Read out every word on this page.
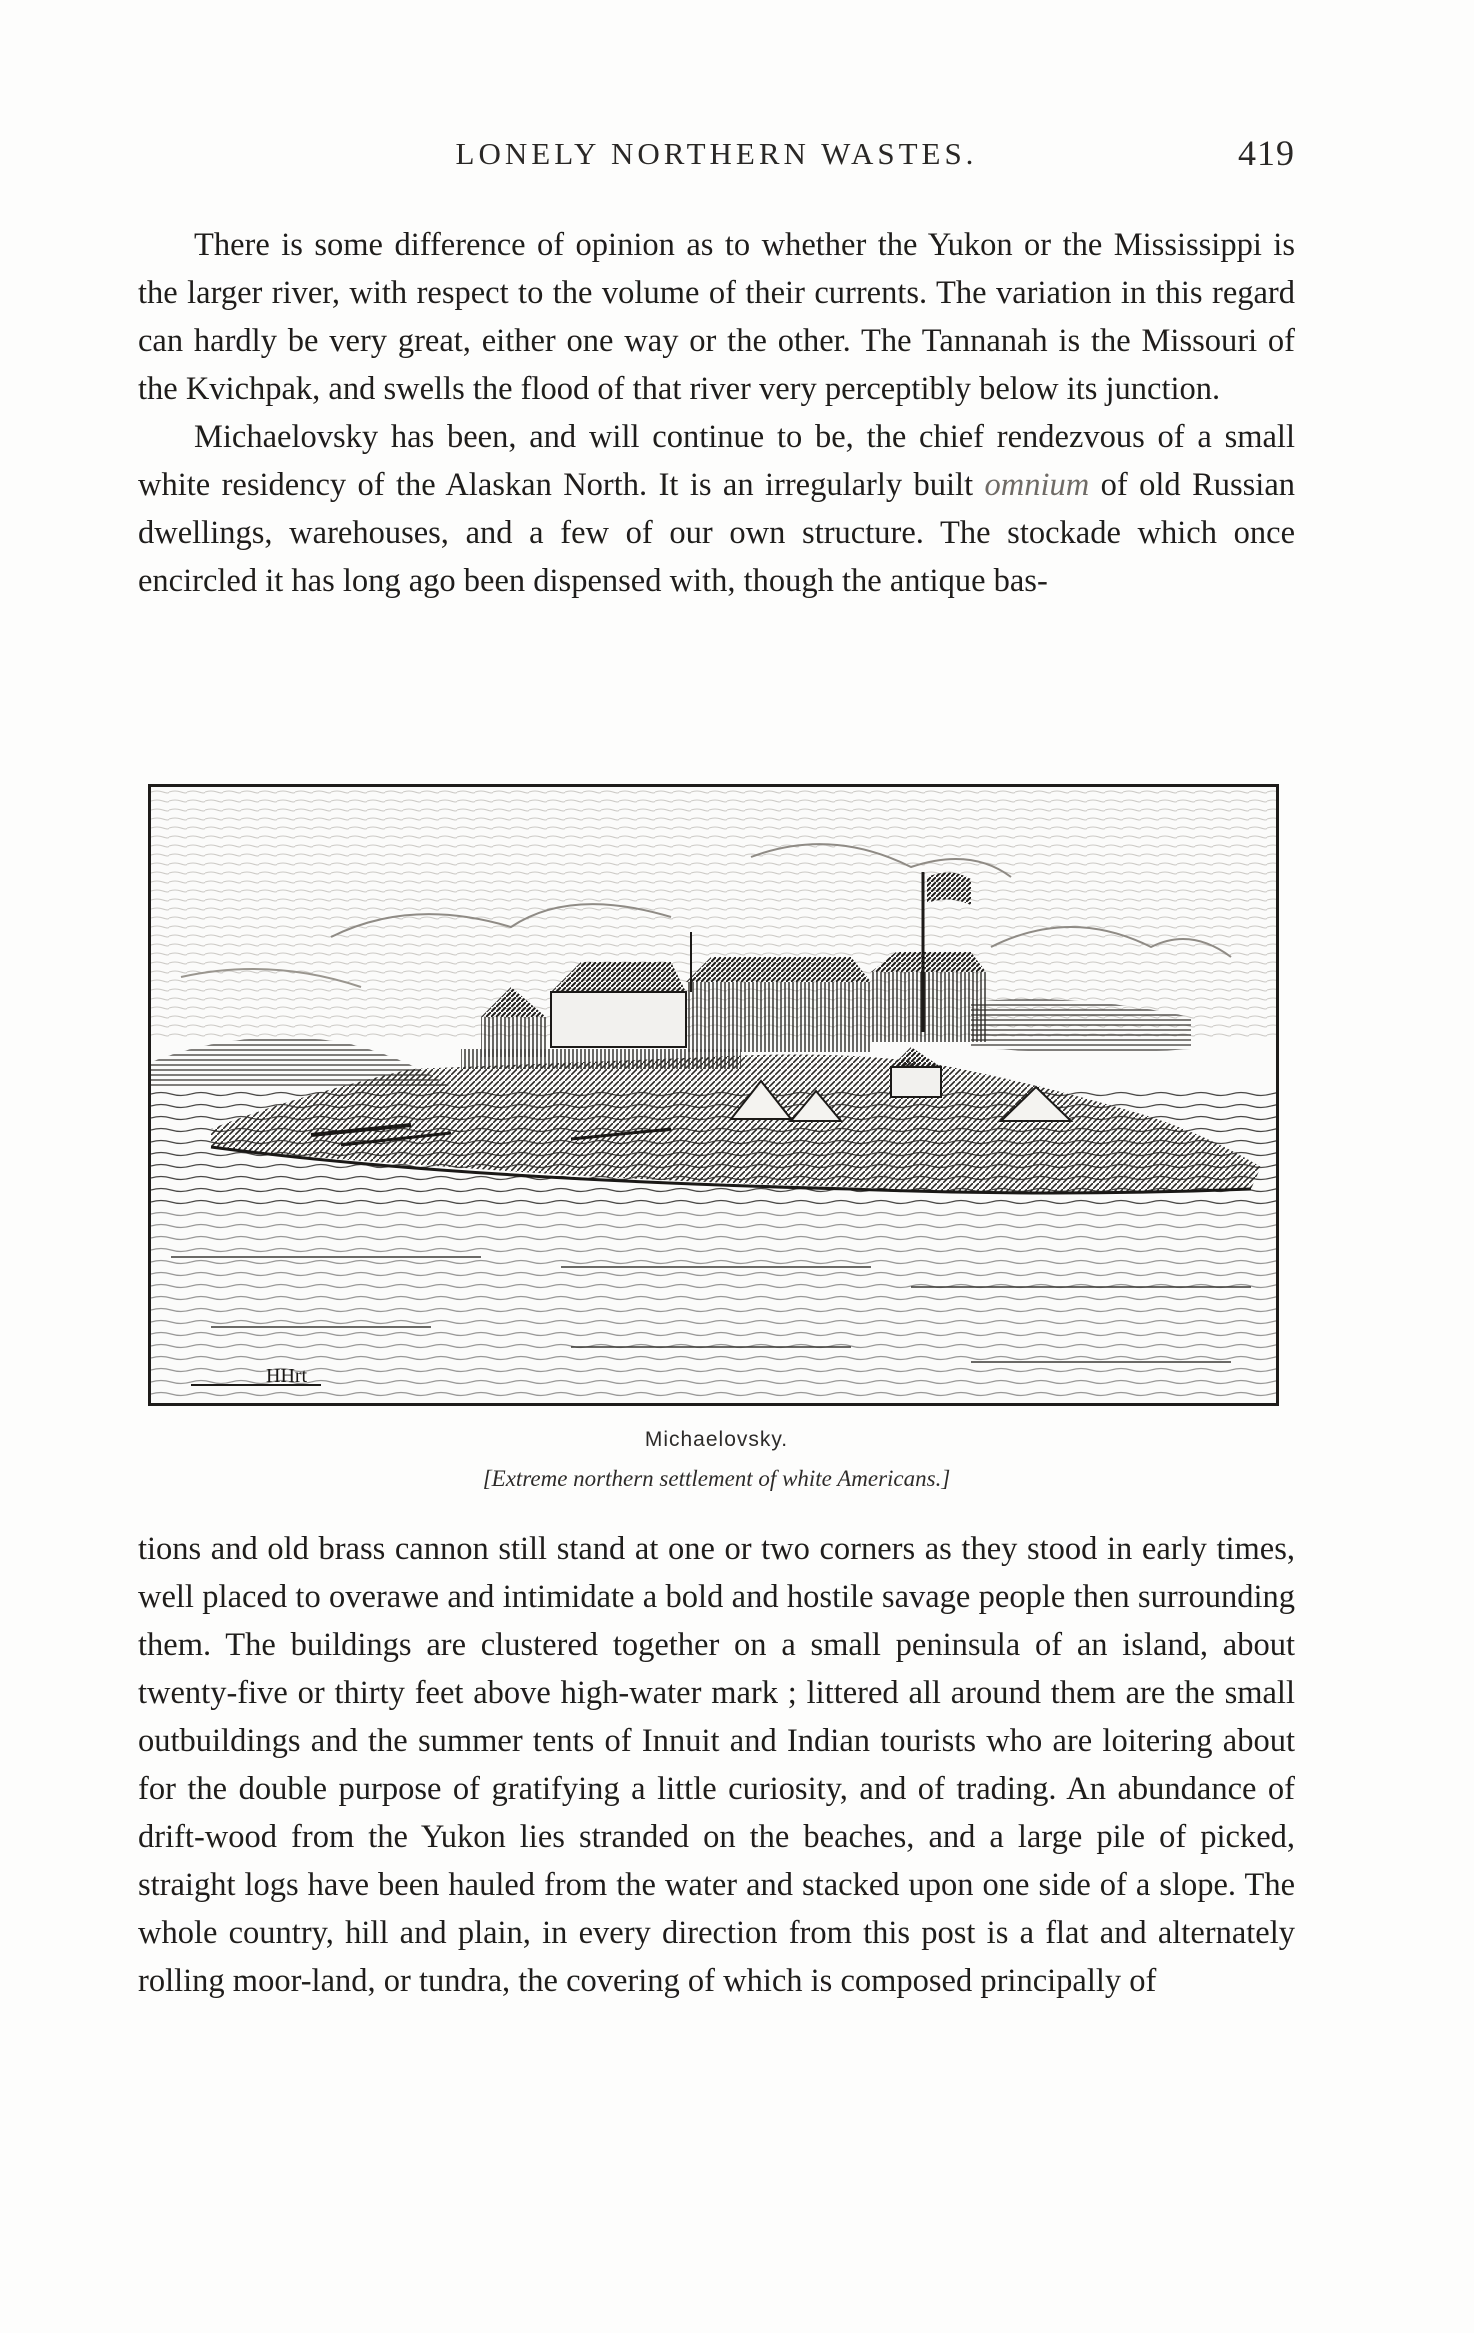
LONELY NORTHERN WASTES.	419

There is some difference of opinion as to whether the Yukon or the Mississippi is the larger river, with respect to the volume of their currents. The variation in this regard can hardly be very great, either one way or the other. The Tannanah is the Missouri of the Kvichpak, and swells the flood of that river very perceptibly below its junction.

Michaelovsky has been, and will continue to be, the chief rendezvous of a small white residency of the Alaskan North. It is an irregularly built omnium of old Russian dwellings, warehouses, and a few of our own structure. The stockade which once encircled it has long ago been dispensed with, though the antique bas-

HHrt
Michaelovsky.
[Extreme northern settlement of white Americans.]

tions and old brass cannon still stand at one or two corners as they stood in early times, well placed to overawe and intimidate a bold and hostile savage people then surrounding them. The buildings are clustered together on a small peninsula of an island, about twenty-five or thirty feet above high-water mark ; littered all around them are the small outbuildings and the summer tents of Innuit and Indian tourists who are loitering about for the double purpose of gratifying a little curiosity, and of trading. An abundance of drift-wood from the Yukon lies stranded on the beaches, and a large pile of picked, straight logs have been hauled from the water and stacked upon one side of a slope. The whole country, hill and plain, in every direction from this post is a flat and alternately rolling moor-land, or tundra, the covering of which is composed principally of
